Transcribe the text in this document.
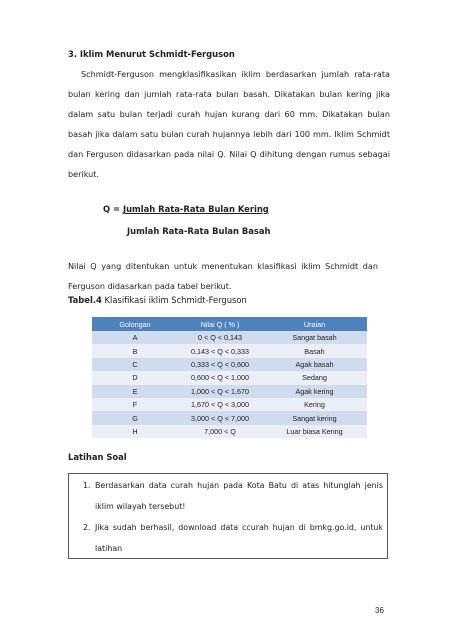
3. Iklim Menurut Schmidt-Ferguson
Schmidt-Ferguson mengklasifikasikan iklim berdasarkan jumlah rata-rata bulan kering dan jumlah rata-rata bulan basah. Dikatakan bulan kering jika dalam satu bulan terjadi curah hujan kurang dari 60 mm. Dikatakan bulan basah jika dalam satu bulan curah hujannya lebih dari 100 mm. Iklim Schmidt dan Ferguson didasarkan pada nilai Q. Nilai Q dihitung dengan rumus sebagai berikut.
Q = Jumlah Rata-Rata Bulan Kering
Jumlah Rata-Rata Bulan Basah
Nilai Q yang ditentukan untuk menentukan klasifikasi iklim Schmidt dan Ferguson didasarkan pada tabel berikut.
Tabel.4 Klasifikasi iklim Schmidt-Ferguson
Golongan	Nilai Q ( % )	Uraian
A	0 < Q < 0,143	Sangat basah
B	0,143 < Q < 0,333	Basah
C	0,333 < Q < 0,600	Agak basah
D	0,600 < Q < 1,000	Sedang
E	1,000 < Q < 1,670	Agak kering
F	1,670 < Q < 3,000	Kering
G	3,000 < Q < 7,000	Sangat kering
H	7,000 < Q	Luar biasa Kering
Latihan Soal
1. Berdasarkan data curah hujan pada Kota Batu di atas hitunglah jenis iklim wilayah tersebut!
2. Jika sudah berhasil, download data ccurah hujan di bmkg.go.id, untuk latihan
36
